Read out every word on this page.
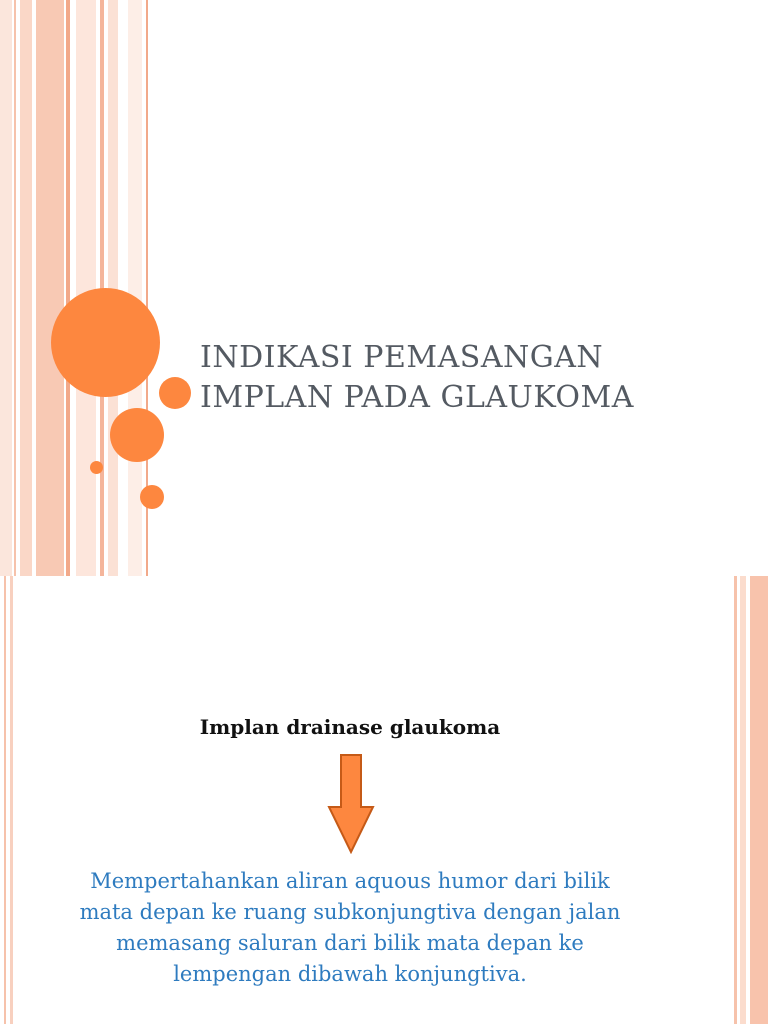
INDIKASI PEMASANGAN
IMPLAN PADA GLAUKOMA
Implan drainase glaukoma

Mempertahankan aliran aquous humor dari bilik
mata depan ke ruang subkonjungtiva dengan jalan
memasang saluran dari bilik mata depan ke
lempengan dibawah konjungtiva.
